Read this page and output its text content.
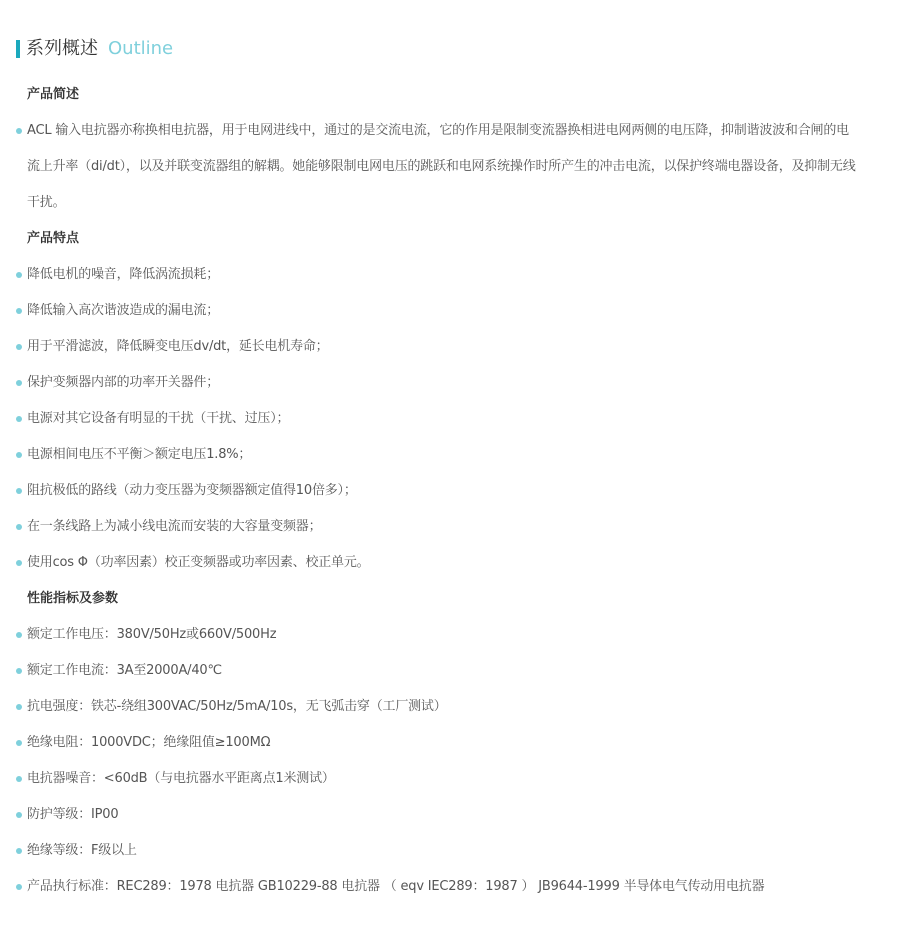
系列概述 Outline
产品简述
ACL 输入电抗器亦称换相电抗器，用于电网进线中，通过的是交流电流，它的作用是限制变流器换相进电网两侧的电压降，抑制谐波波和合闸的电流上升率（di/dt），以及并联变流器组的解耦。她能够限制电网电压的跳跃和电网系统操作时所产生的冲击电流，以保护终端电器设备，及抑制无线干扰。
产品特点
降低电机的噪音，降低涡流损耗；
降低输入高次谐波造成的漏电流；
用于平滑滤波，降低瞬变电压dv/dt，延长电机寿命；
保护变频器内部的功率开关器件；
电源对其它设备有明显的干扰（干扰、过压）；
电源相间电压不平衡＞额定电压1.8%；
阻抗极低的路线（动力变压器为变频器额定值得10倍多）；
在一条线路上为减小线电流而安装的大容量变频器；
使用cos Φ（功率因素）校正变频器或功率因素、校正单元。
性能指标及参数
额定工作电压：380V/50Hz或660V/500Hz
额定工作电流：3A至2000A/40℃
抗电强度：铁芯-绕组300VAC/50Hz/5mA/10s，无飞弧击穿（工厂测试）
绝缘电阻：1000VDC；绝缘阻值≥100MΩ
电抗器噪音：<60dB（与电抗器水平距离点1米测试）
防护等级：IP00
绝缘等级：F级以上
产品执行标准：REC289：1978 电抗器 GB10229-88 电抗器 （ eqv IEC289：1987 ） JB9644-1999 半导体电气传动用电抗器
